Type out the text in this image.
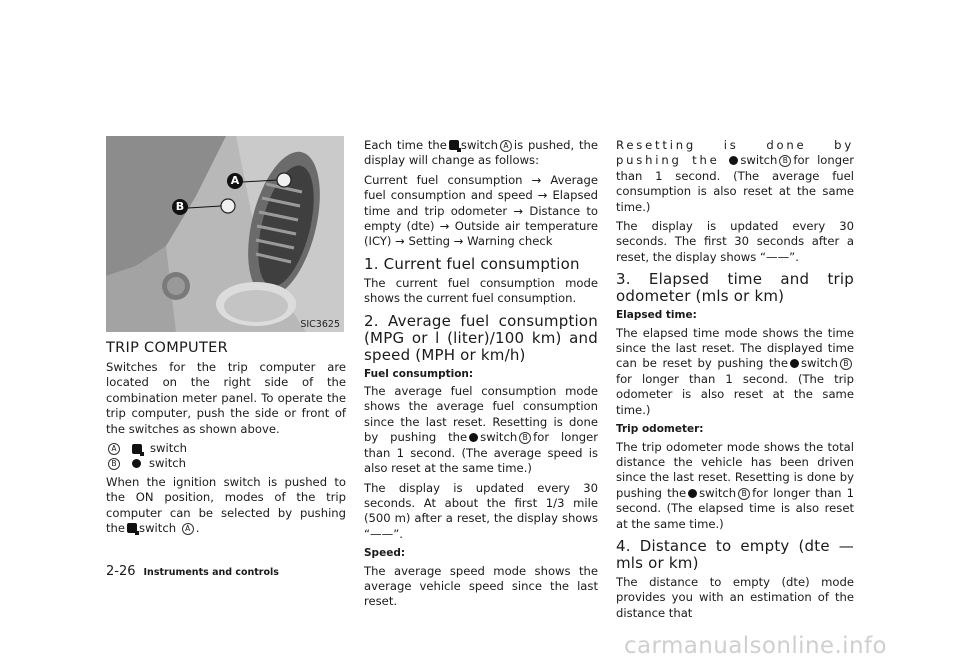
A
B
SIC3625
TRIP COMPUTER

Switches for the trip computer are located on the right side of the combination meter panel. To operate the trip computer, push the side or front of the switches as shown above.

A	switch
B	switch

When the ignition switch is pushed to the ON position, modes of the trip computer can be selected by pushing the switch A .

Each time the switch A is pushed, the display will change as follows:

Current fuel consumption → Average fuel consumption and speed → Elapsed time and trip odometer → Distance to empty (dte) → Outside air temperature (ICY) → Setting → Warning check

1. Current fuel consumption

The current fuel consumption mode shows the current fuel consumption.

2. Average fuel consumption (MPG or l (liter)/100 km) and speed (MPH or km/h)
Fuel consumption:

The average fuel consumption mode shows the average fuel consumption since the last reset. Resetting is done by pushing the switch B for longer than 1 second. (The average speed is also reset at the same time.)

The display is updated every 30 seconds. At about the first 1/3 mile (500 m) after a reset, the display shows “——”.

Speed:

The average speed mode shows the average vehicle speed since the last reset.

Resetting is done by pushing the switch B for longer than 1 second. (The average fuel consumption is also reset at the same time.)

The display is updated every 30 seconds. The first 30 seconds after a reset, the display shows “——”.

3. Elapsed time and trip odometer (mls or km)
Elapsed time:

The elapsed time mode shows the time since the last reset. The displayed time can be reset by pushing the switch Bfor longer than 1 second. (The trip odometer is also reset at the same time.)

Trip odometer:

The trip odometer mode shows the total distance the vehicle has been driven since the last reset. Resetting is done by pushing the switch B for longer than 1 second. (The elapsed time is also reset at the same time.)

4. Distance to empty (dte — mls or km)

The distance to empty (dte) mode provides you with an estimation of the distance that

2-26 Instruments and controls
carmanualsonline.info
